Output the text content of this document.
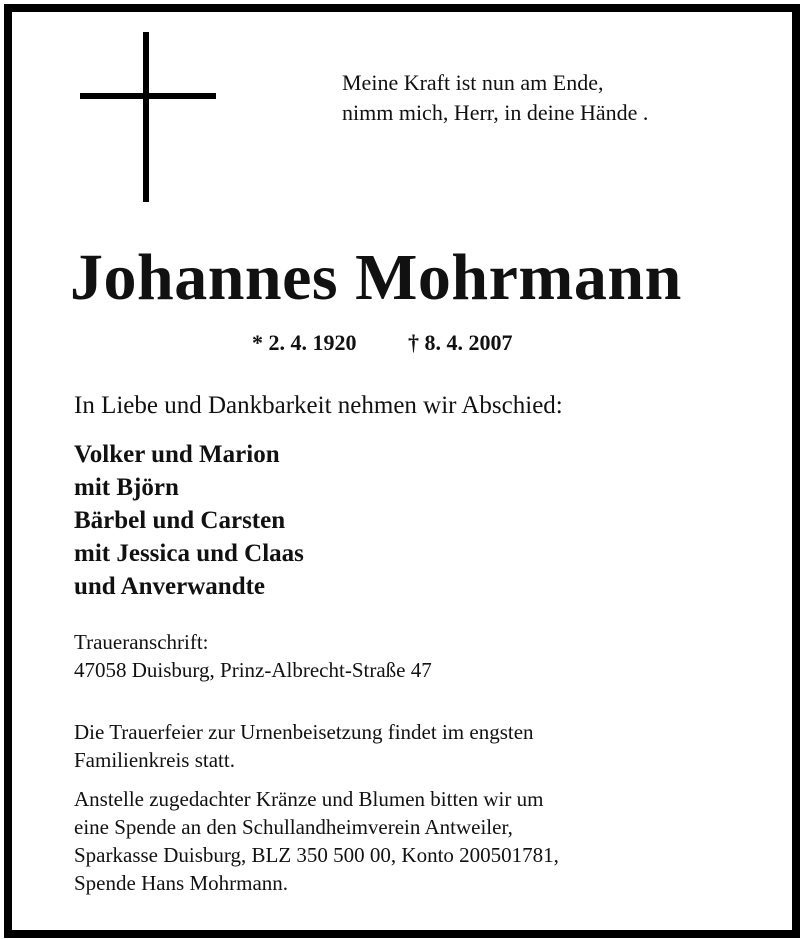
Meine Kraft ist nun am Ende,
nimm mich, Herr, in deine Hände .
Johannes Mohrmann
* 2. 4. 1920 † 8. 4. 2007
In Liebe und Dankbarkeit nehmen wir Abschied:
Volker und Marion
mit Björn
Bärbel und Carsten
mit Jessica und Claas
und Anverwandte
Traueranschrift:
47058 Duisburg, Prinz-Albrecht-Straße 47
Die Trauerfeier zur Urnenbeisetzung findet im engsten
Familienkreis statt.
Anstelle zugedachter Kränze und Blumen bitten wir um
eine Spende an den Schullandheimverein Antweiler,
Sparkasse Duisburg, BLZ 350 500 00, Konto 200501781,
Spende Hans Mohrmann.
